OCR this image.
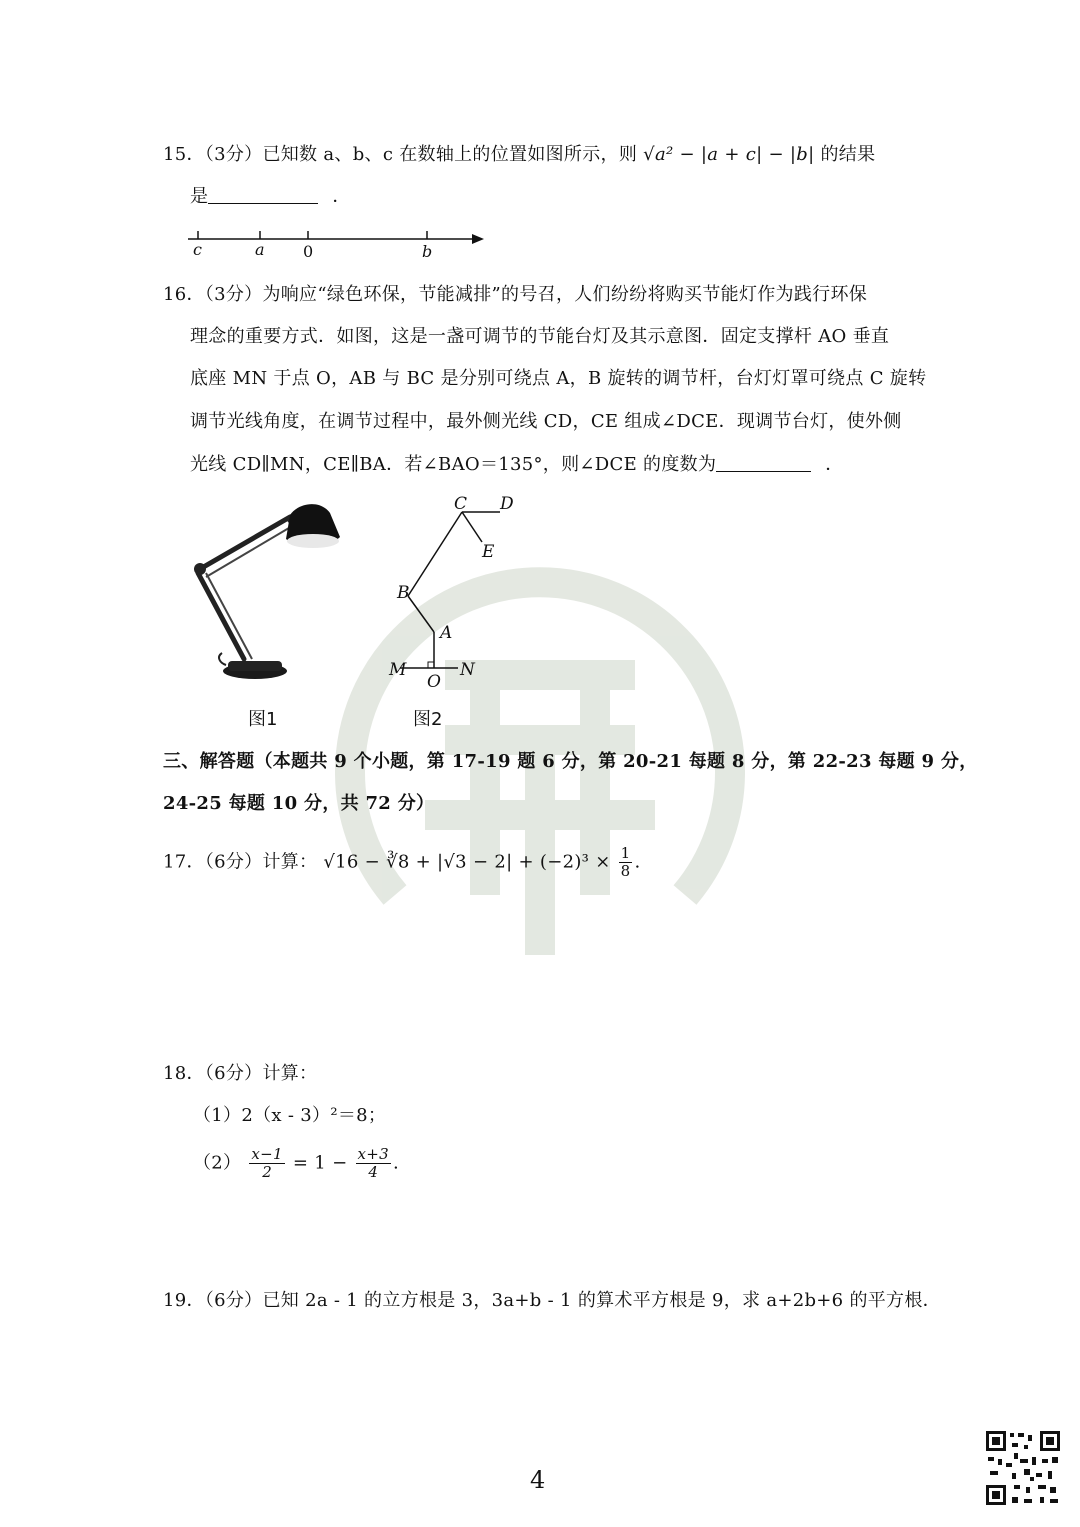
15．（3分）已知数 a、b、c 在数轴上的位置如图所示，则 √a² − |a + c| − |b| 的结果
是	．
c	a 0	b
16．（3分）为响应“绿色环保，节能减排”的号召，人们纷纷将购买节能灯作为践行环保
理念的重要方式．如图，这是一盏可调节的节能台灯及其示意图．固定支撑杆 AO 垂直
底座 MN 于点 O，AB 与 BC 是分别可绕点 A，B 旋转的调节杆，台灯灯罩可绕点 C 旋转
调节光线角度，在调节过程中，最外侧光线 CD，CE 组成∠DCE．现调节台灯，使外侧
光线 CD∥MN，CE∥BA．若∠BAO＝135°，则∠DCE 的度数为	．
图1
C D
E
B
A
M
O
N
图2
三、解答题（本题共 9 个小题，第 17-19 题 6 分，第 20-21 每题 8 分，第 22-23 每题 9 分，
24-25 每题 10 分，共 72 分）
17．（6分）计算： √16 − ∛8 + $|√3 - 2| + (-2)^3 \times \frac{1}{8}$ .
18．（6分）计算：
（1）2（x - 3）²＝8；
$(2) \frac{x-1}{2} = 1 - \frac{x+3}{4}$ .
19．（6分）已知 2a - 1 的立方根是 3，3a+b - 1 的算术平方根是 9，求 a+2b+6 的平方根．
4
